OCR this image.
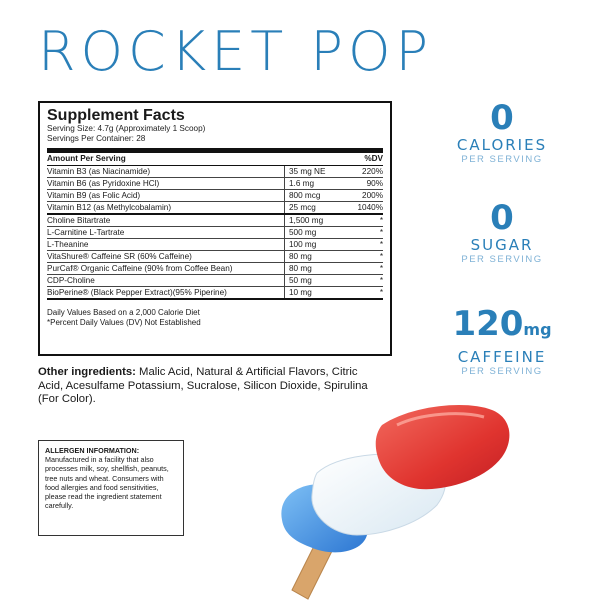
ROCKET POP
Supplement Facts
Serving Size: 4.7g (Approximately 1 Scoop)
Servings Per Container: 28
Amount Per Serving	%DV
Vitamin B3 (as Niacinamide)	35 mg NE	220%
Vitamin B6 (as Pyridoxine HCl)	1.6 mg	90%
Vitamin B9 (as Folic Acid)	800 mcg	200%
Vitamin B12 (as Methylcobalamin)	25 mcg	1040%
Choline Bitartrate	1,500 mg	*
L-Carnitine L-Tartrate	500 mg	*
L-Theanine	100 mg	*
VitaShure® Caffeine SR (60% Caffeine)	80 mg	*
PurCaf® Organic Caffeine (90% from Coffee Bean)	80 mg	*
CDP-Choline	50 mg	*
BioPerine® (Black Pepper Extract)(95% Piperine)	10 mg	*
Daily Values Based on a 2,000 Calorie Diet
*Percent Daily Values (DV) Not Established

Other ingredients: Malic Acid, Natural & Artificial Flavors, Citric Acid, Acesulfame Potassium, Sucralose, Silicon Dioxide, Spirulina (For Color).

ALLERGEN INFORMATION:
Manufactured in a facility that also processes milk, soy, shellfish, peanuts, tree nuts and wheat. Consumers with food allergies and food sensitivities, please read the ingredient statement carefully.
0
CALORIES
PER SERVING
0
SUGAR
PER SERVING
120mg
CAFFEINE
PER SERVING
